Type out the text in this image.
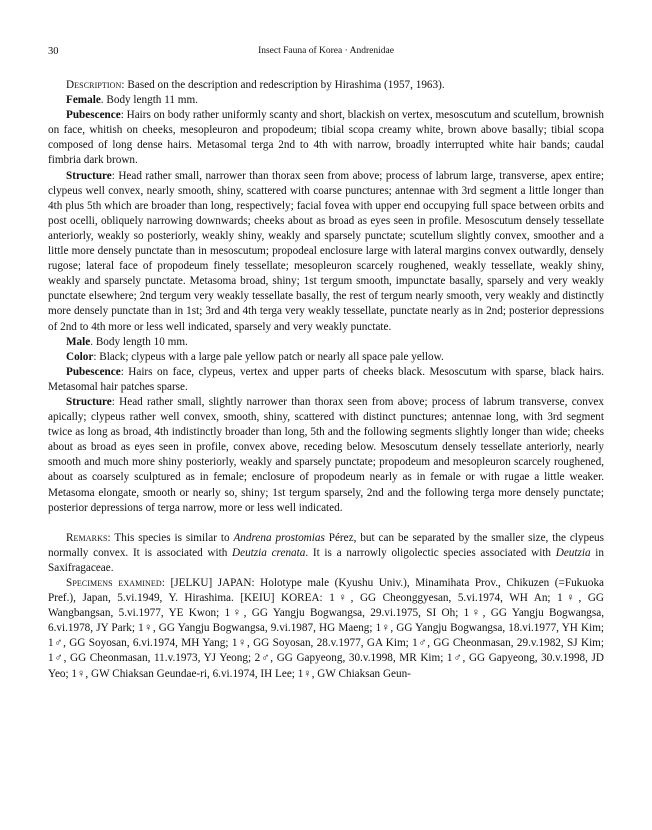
30	Insect Fauna of Korea · Andrenidae

Description: Based on the description and redescription by Hirashima (1957, 1963).

Female. Body length 11 mm.

Pubescence: Hairs on body rather uniformly scanty and short, blackish on vertex, mesoscutum and scutellum, brownish on face, whitish on cheeks, mesopleuron and propodeum; tibial scopa creamy white, brown above basally; tibial scopa composed of long dense hairs. Metasomal terga 2nd to 4th with narrow, broadly interrupted white hair bands; caudal fimbria dark brown.

Structure: Head rather small, narrower than thorax seen from above; process of labrum large, transverse, apex entire; clypeus well convex, nearly smooth, shiny, scattered with coarse punctures; antennae with 3rd segment a little longer than 4th plus 5th which are broader than long, respectively; facial fovea with upper end occupying full space between orbits and post ocelli, obliquely narrowing downwards; cheeks about as broad as eyes seen in profile. Mesoscutum densely tessellate anteriorly, weakly so posteriorly, weakly shiny, weakly and sparsely punctate; scutellum slightly convex, smoother and a little more densely punctate than in mesoscutum; propodeal enclosure large with lateral margins convex outwardly, densely rugose; lateral face of propodeum finely tessellate; mesopleuron scarcely roughened, weakly tessellate, weakly shiny, weakly and sparsely punctate. Metasoma broad, shiny; 1st tergum smooth, impunctate basally, sparsely and very weakly punctate elsewhere; 2nd tergum very weakly tessellate basally, the rest of tergum nearly smooth, very weakly and distinctly more densely punctate than in 1st; 3rd and 4th terga very weakly tessellate, punctate nearly as in 2nd; posterior depressions of 2nd to 4th more or less well indicated, sparsely and very weakly punctate.

Male. Body length 10 mm.

Color: Black; clypeus with a large pale yellow patch or nearly all space pale yellow.

Pubescence: Hairs on face, clypeus, vertex and upper parts of cheeks black. Mesoscutum with sparse, black hairs. Metasomal hair patches sparse.

Structure: Head rather small, slightly narrower than thorax seen from above; process of labrum transverse, convex apically; clypeus rather well convex, smooth, shiny, scattered with distinct punctures; antennae long, with 3rd segment twice as long as broad, 4th indistinctly broader than long, 5th and the following segments slightly longer than wide; cheeks about as broad as eyes seen in profile, convex above, receding below. Mesoscutum densely tessellate anteriorly, nearly smooth and much more shiny posteriorly, weakly and sparsely punctate; propodeum and mesopleuron scarcely roughened, about as coarsely sculptured as in female; enclosure of propodeum nearly as in female or with rugae a little weaker. Metasoma elongate, smooth or nearly so, shiny; 1st tergum sparsely, 2nd and the following terga more densely punctate; posterior depressions of terga narrow, more or less well indicated.

Remarks: This species is similar to Andrena prostomias Pérez, but can be separated by the smaller size, the clypeus normally convex. It is associated with Deutzia crenata. It is a narrowly oligolectic species associated with Deutzia in Saxifragaceae.

Specimens examined: [JELKU] JAPAN: Holotype male (Kyushu Univ.), Minamihata Prov., Chikuzen (=Fukuoka Pref.), Japan, 5.vi.1949, Y. Hirashima. [KEIU] KOREA: 1♀, GG Cheonggyesan, 5.vi.1974, WH An; 1♀, GG Wangbangsan, 5.vi.1977, YE Kwon; 1♀, GG Yangju Bogwangsa, 29.vi.1975, SI Oh; 1♀, GG Yangju Bogwangsa, 6.vi.1978, JY Park; 1♀, GG Yangju Bogwangsa, 9.vi.1987, HG Maeng; 1♀, GG Yangju Bogwangsa, 18.vi.1977, YH Kim; 1♂, GG Soyosan, 6.vi.1974, MH Yang; 1♀, GG Soyosan, 28.v.1977, GA Kim; 1♂, GG Cheonmasan, 29.v.1982, SJ Kim; 1♂, GG Cheonmasan, 11.v.1973, YJ Yeong; 2♂, GG Gapyeong, 30.v.1998, MR Kim; 1♂, GG Gapyeong, 30.v.1998, JD Yeo; 1♀, GW Chiaksan Geundae-ri, 6.vi.1974, IH Lee; 1♀, GW Chiaksan Geun-
